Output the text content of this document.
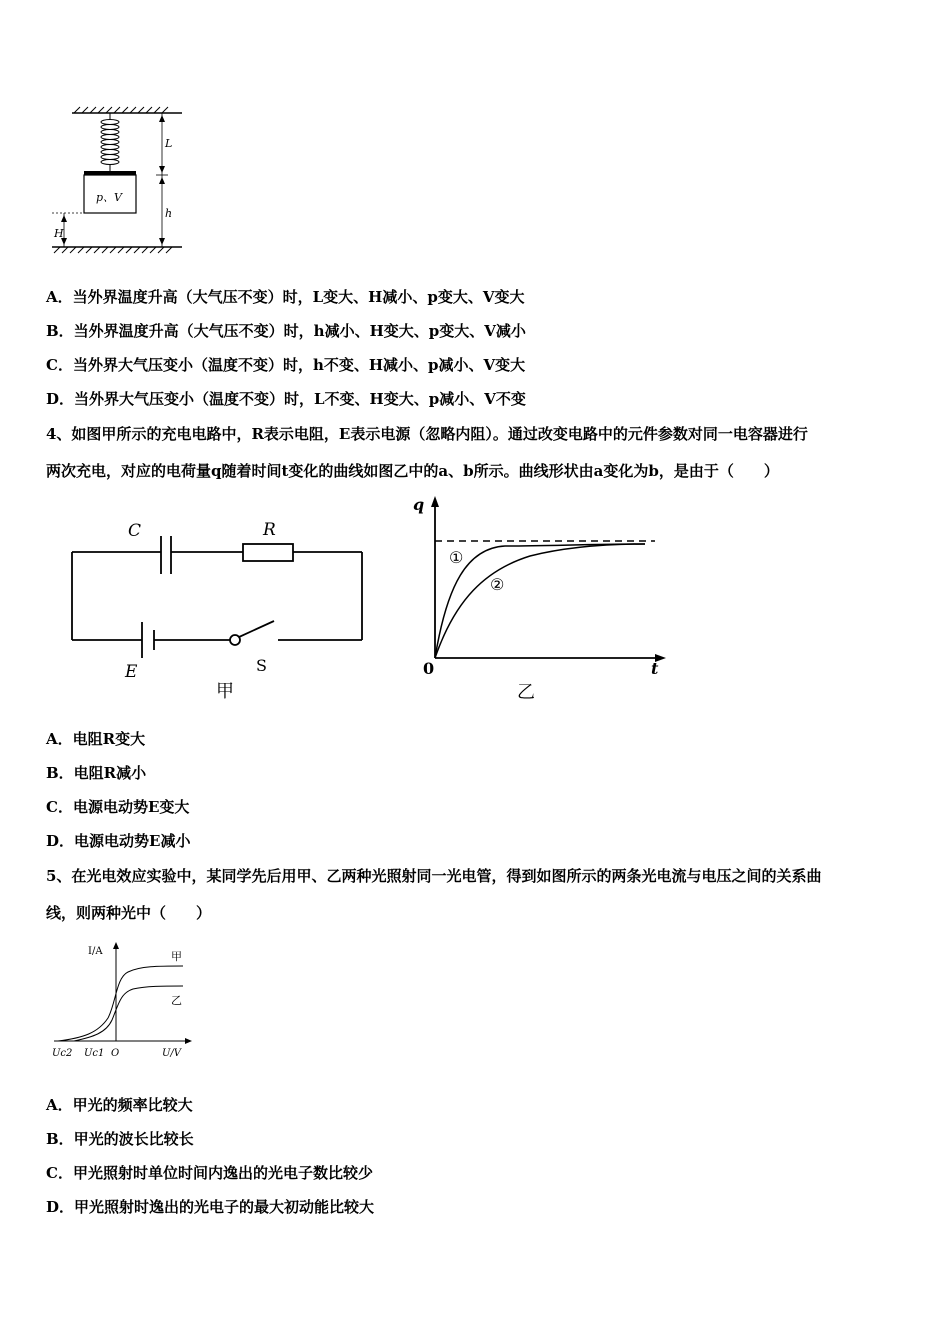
p、V
L
h
H
A．当外界温度升高（大气压不变）时，L变大、H减小、p变大、V变大
B．当外界温度升高（大气压不变）时，h减小、H变大、p变大、V减小
C．当外界大气压变小（温度不变）时，h不变、H减小、p减小、V变大
D．当外界大气压变小（温度不变）时，L不变、H变大、p减小、V不变
4、如图甲所示的充电电路中，R表示电阻，E表示电源（忽略内阻）。通过改变电路中的元件参数对同一电容器进行
两次充电，对应的电荷量q随着时间t变化的曲线如图乙中的a、b所示。曲线形状由a变化为b，是由于（　　）
C	R
E	S
甲
①
②
q
t
0
乙
A．电阻R变大
B．电阻R减小
C．电源电动势E变大
D．电源电动势E减小
5、在光电效应实验中，某同学先后用甲、乙两种光照射同一光电管，得到如图所示的两条光电流与电压之间的关系曲
线，则两种光中（　　）
I/A	甲
乙
Uc2 Uc1 O	U/V
A．甲光的频率比较大
B．甲光的波长比较长
C．甲光照射时单位时间内逸出的光电子数比较少
D．甲光照射时逸出的光电子的最大初动能比较大
